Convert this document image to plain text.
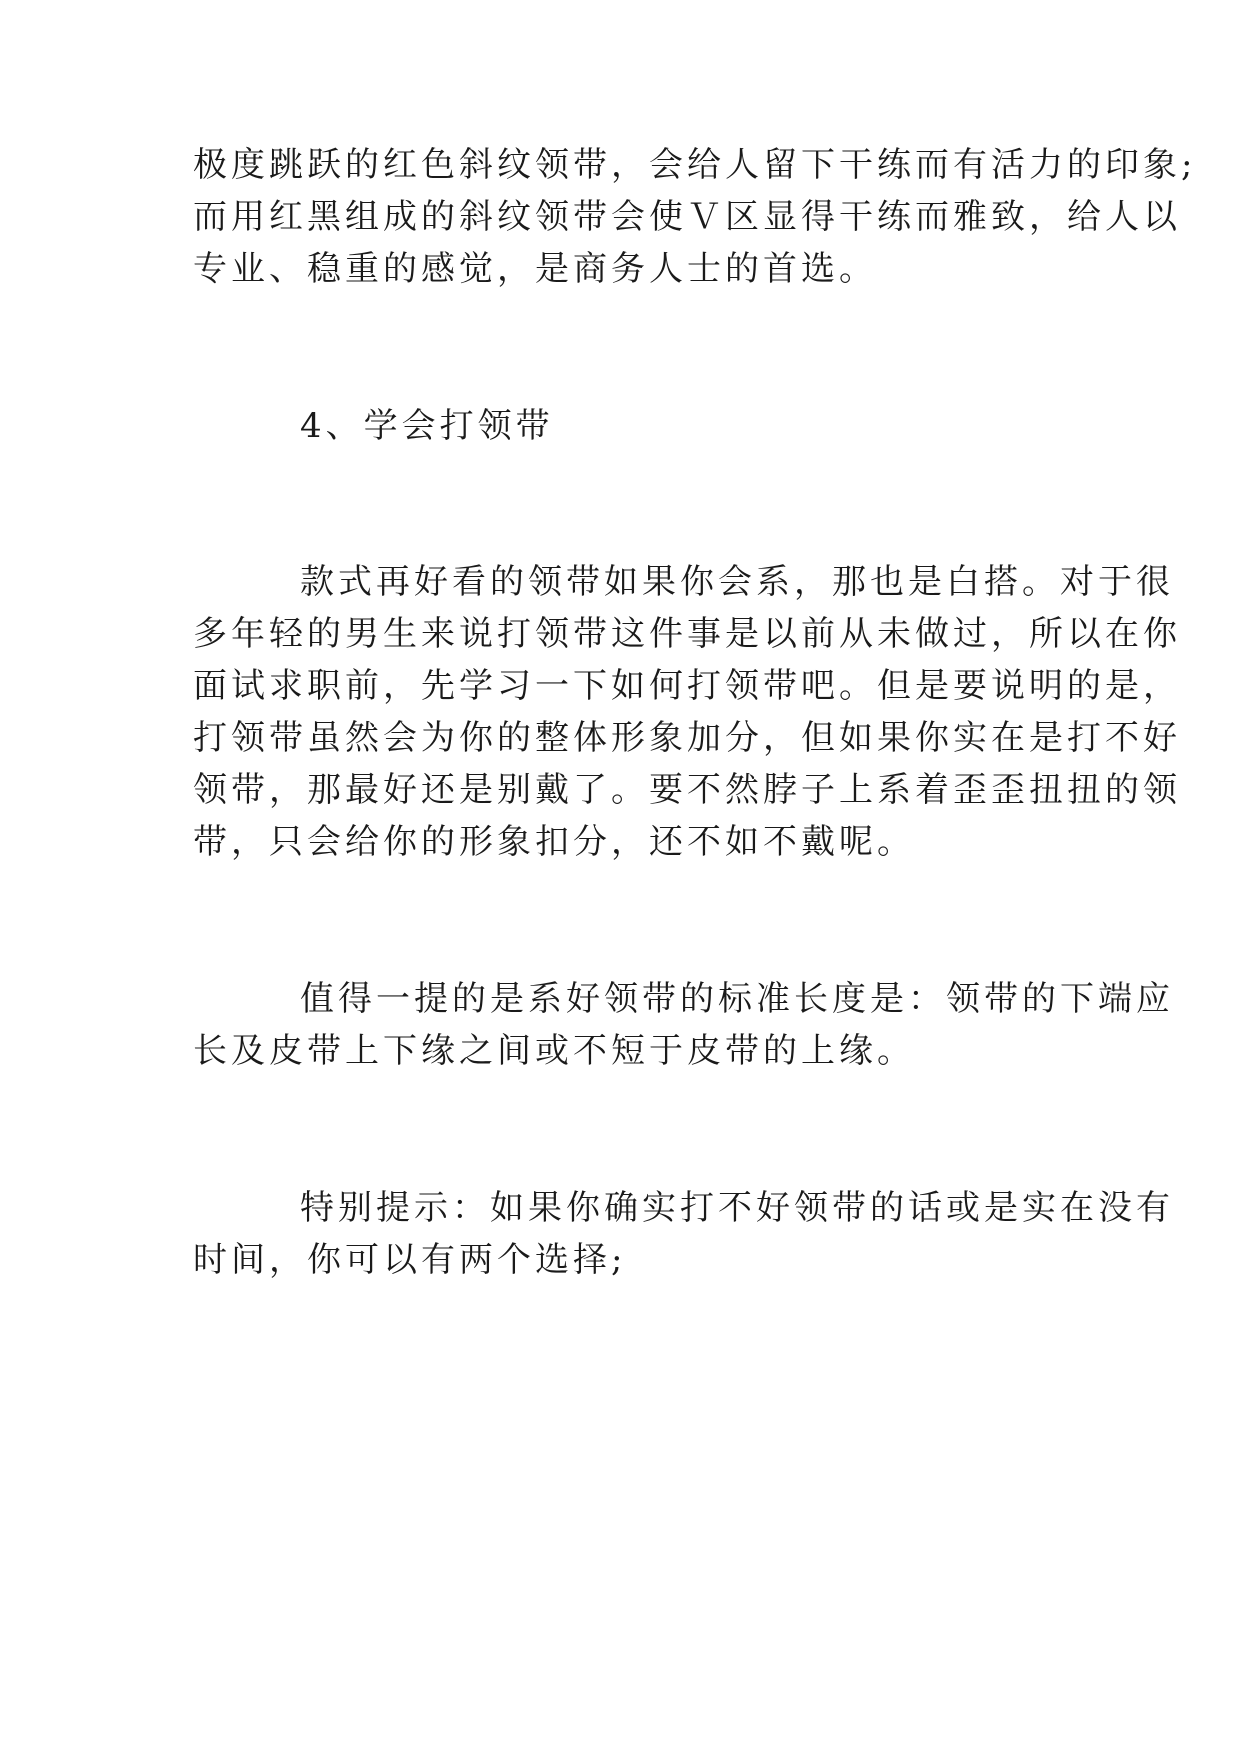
极度跳跃的红色斜纹领带，会给人留下干练而有活力的印象;
而用红黑组成的斜纹领带会使Ｖ区显得干练而雅致，给人以
专业、稳重的感觉，是商务人士的首选。
4、学会打领带
款式再好看的领带如果你会系，那也是白搭。对于很
多年轻的男生来说打领带这件事是以前从未做过，所以在你
面试求职前，先学习一下如何打领带吧。但是要说明的是，
打领带虽然会为你的整体形象加分，但如果你实在是打不好
领带，那最好还是别戴了。要不然脖子上系着歪歪扭扭的领
带，只会给你的形象扣分，还不如不戴呢。
值得一提的是系好领带的标准长度是：领带的下端应
长及皮带上下缘之间或不短于皮带的上缘。
特别提示：如果你确实打不好领带的话或是实在没有
时间，你可以有两个选择;
